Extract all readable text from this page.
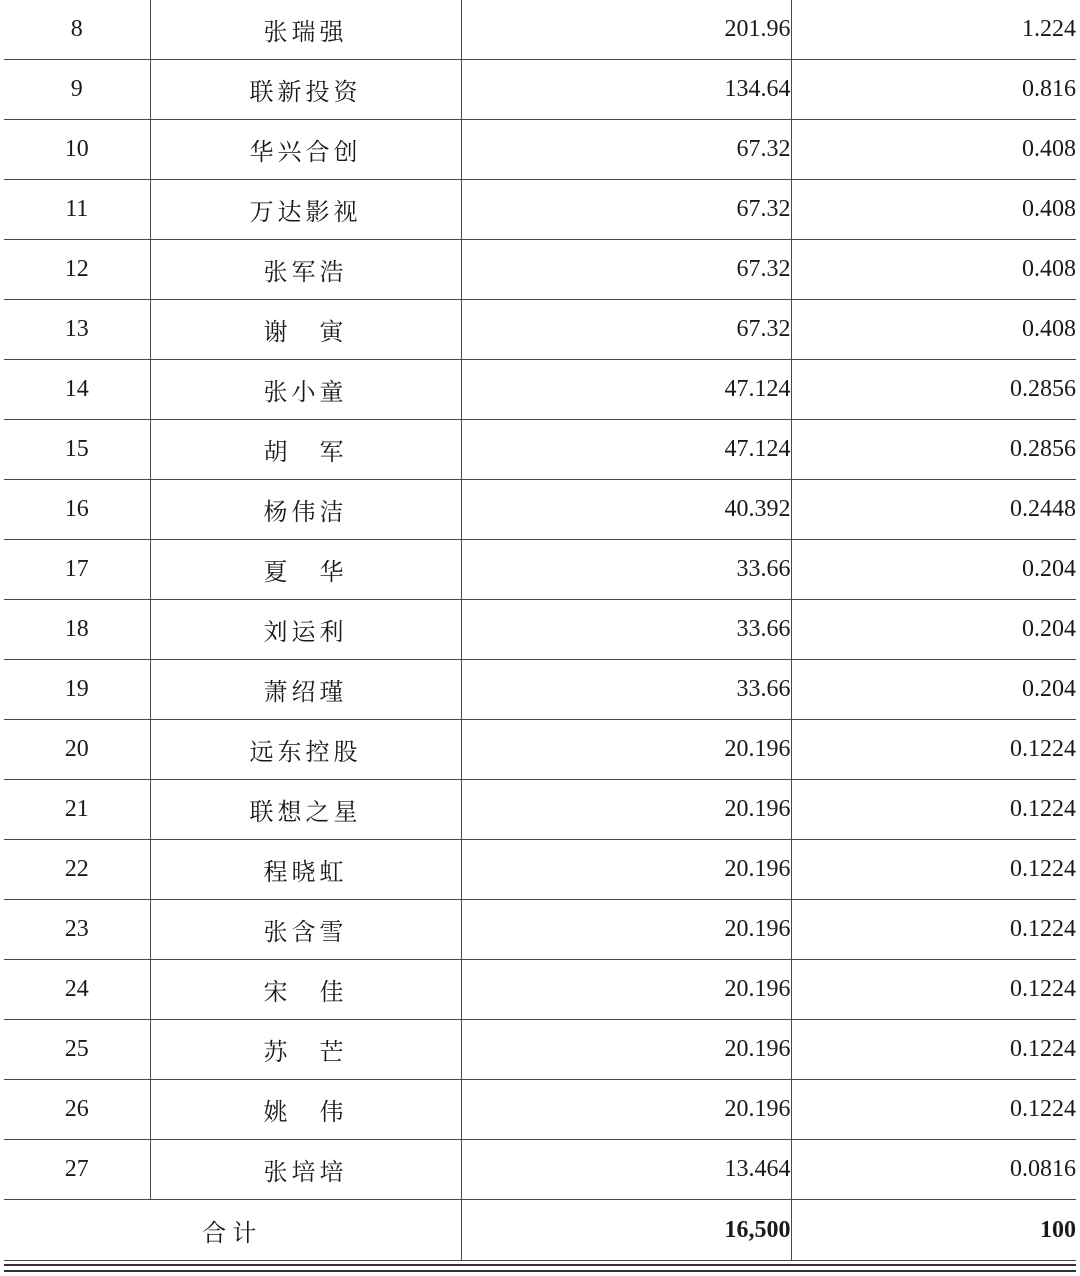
8	张瑞强	201.96	1.224
9	联新投资	134.64	0.816
10	华兴合创	67.32	0.408
11	万达影视	67.32	0.408
12	张军浩	67.32	0.408
13	谢　寅	67.32	0.408
14	张小童	47.124	0.2856
15	胡　军	47.124	0.2856
16	杨伟洁	40.392	0.2448
17	夏　华	33.66	0.204
18	刘运利	33.66	0.204
19	萧绍瑾	33.66	0.204
20	远东控股	20.196	0.1224
21	联想之星	20.196	0.1224
22	程晓虹	20.196	0.1224
23	张含雪	20.196	0.1224
24	宋　佳	20.196	0.1224
25	苏　芒	20.196	0.1224
26	姚　伟	20.196	0.1224
27	张培培	13.464	0.0816
合计		16,500	100
